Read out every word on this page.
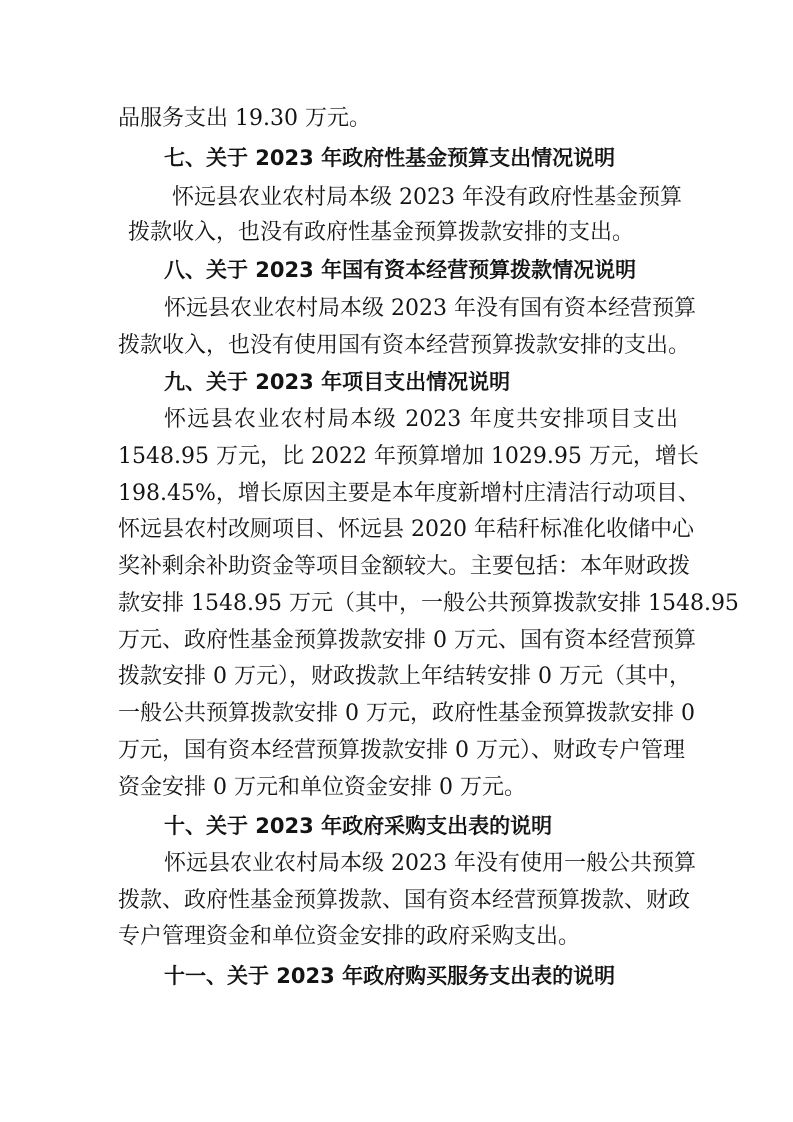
品服务支出 19.30 万元。
七、关于 2023 年政府性基金预算支出情况说明
怀远县农业农村局本级 2023 年没有政府性基金预算
拨款收入，也没有政府性基金预算拨款安排的支出。
八、关于 2023 年国有资本经营预算拨款情况说明
怀远县农业农村局本级 2023 年没有国有资本经营预算
拨款收入，也没有使用国有资本经营预算拨款安排的支出。
九、关于 2023 年项目支出情况说明
怀远县农业农村局本级 2023 年度共安排项目支出
1548.95 万元，比 2022 年预算增加 1029.95 万元，增长
198.45%，增长原因主要是本年度新增村庄清洁行动项目、
怀远县农村改厕项目、怀远县 2020 年秸秆标准化收储中心
奖补剩余补助资金等项目金额较大。主要包括：本年财政拨
款安排 1548.95 万元（其中，一般公共预算拨款安排 1548.95
万元、政府性基金预算拨款安排 0 万元、国有资本经营预算
拨款安排 0 万元），财政拨款上年结转安排 0 万元（其中，
一般公共预算拨款安排 0 万元，政府性基金预算拨款安排 0
万元，国有资本经营预算拨款安排 0 万元）、财政专户管理
资金安排 0 万元和单位资金安排 0 万元。
十、关于 2023 年政府采购支出表的说明
怀远县农业农村局本级 2023 年没有使用一般公共预算
拨款、政府性基金预算拨款、国有资本经营预算拨款、财政
专户管理资金和单位资金安排的政府采购支出。
十一、关于 2023 年政府购买服务支出表的说明
